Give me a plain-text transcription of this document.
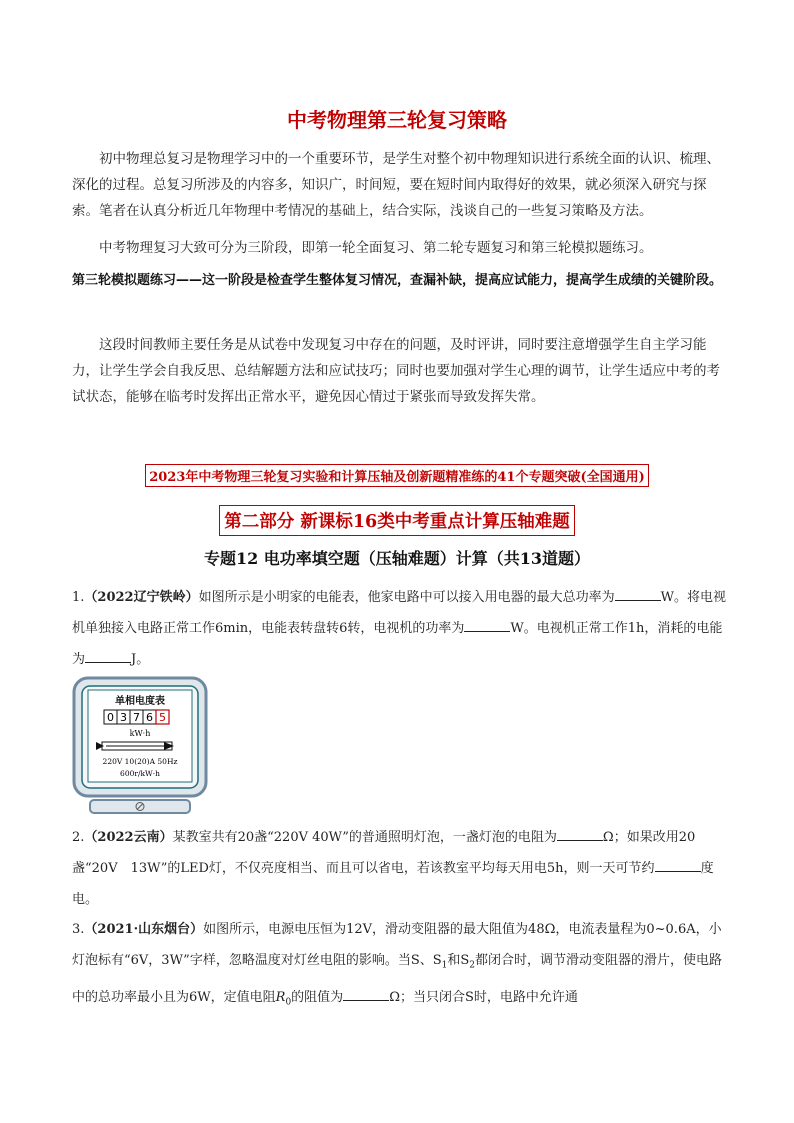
中考物理第三轮复习策略
初中物理总复习是物理学习中的一个重要环节，是学生对整个初中物理知识进行系统全面的认识、梳理、深化的过程。总复习所涉及的内容多，知识广，时间短，要在短时间内取得好的效果，就必须深入研究与探索。笔者在认真分析近几年物理中考情况的基础上，结合实际，浅谈自己的一些复习策略及方法。
中考物理复习大致可分为三阶段，即第一轮全面复习、第二轮专题复习和第三轮模拟题练习。
第三轮模拟题练习——这一阶段是检查学生整体复习情况，查漏补缺，提高应试能力，提高学生成绩的关键阶段。
这段时间教师主要任务是从试卷中发现复习中存在的问题，及时评讲，同时要注意增强学生自主学习能力，让学生学会自我反思、总结解题方法和应试技巧；同时也要加强对学生心理的调节，让学生适应中考的考试状态，能够在临考时发挥出正常水平，避免因心情过于紧张而导致发挥失常。
2023年中考物理三轮复习实验和计算压轴及创新题精准练的41个专题突破(全国通用)
第二部分 新课标16类中考重点计算压轴难题
专题12 电功率填空题（压轴难题）计算（共13道题）
1.（2022辽宁铁岭）如图所示是小明家的电能表，他家电路中可以接入用电器的最大总功率为	W。将电视机单独接入电路正常工作6min，电能表转盘转6转，电视机的功率为	W。电视机正常工作1h，消耗的电能为	J。
单相电度表
0 3 7 6 5
kW·h
220V 10(20)A 50Hz
600r/kW·h
2.（2022云南）某教室共有20盏“220V 40W”的普通照明灯泡，一盏灯泡的电阻为	Ω；如果改用20盏“20V　13W”的LED灯，不仅亮度相当、而且可以省电，若该教室平均每天用电5h，则一天可节约	度电。
3.（2021·山东烟台）如图所示，电源电压恒为12V，滑动变阻器的最大阻值为48Ω，电流表量程为0~0.6A，小灯泡标有“6V，3W”字样，忽略温度对灯丝电阻的影响。当S、$S_1$和$S_2$都闭合时，调节滑动变阻器的滑片，使电路中的总功率最小且为6W，定值电阻$R_0$的阻值为	Ω；当只闭合S时，电路中允许通
